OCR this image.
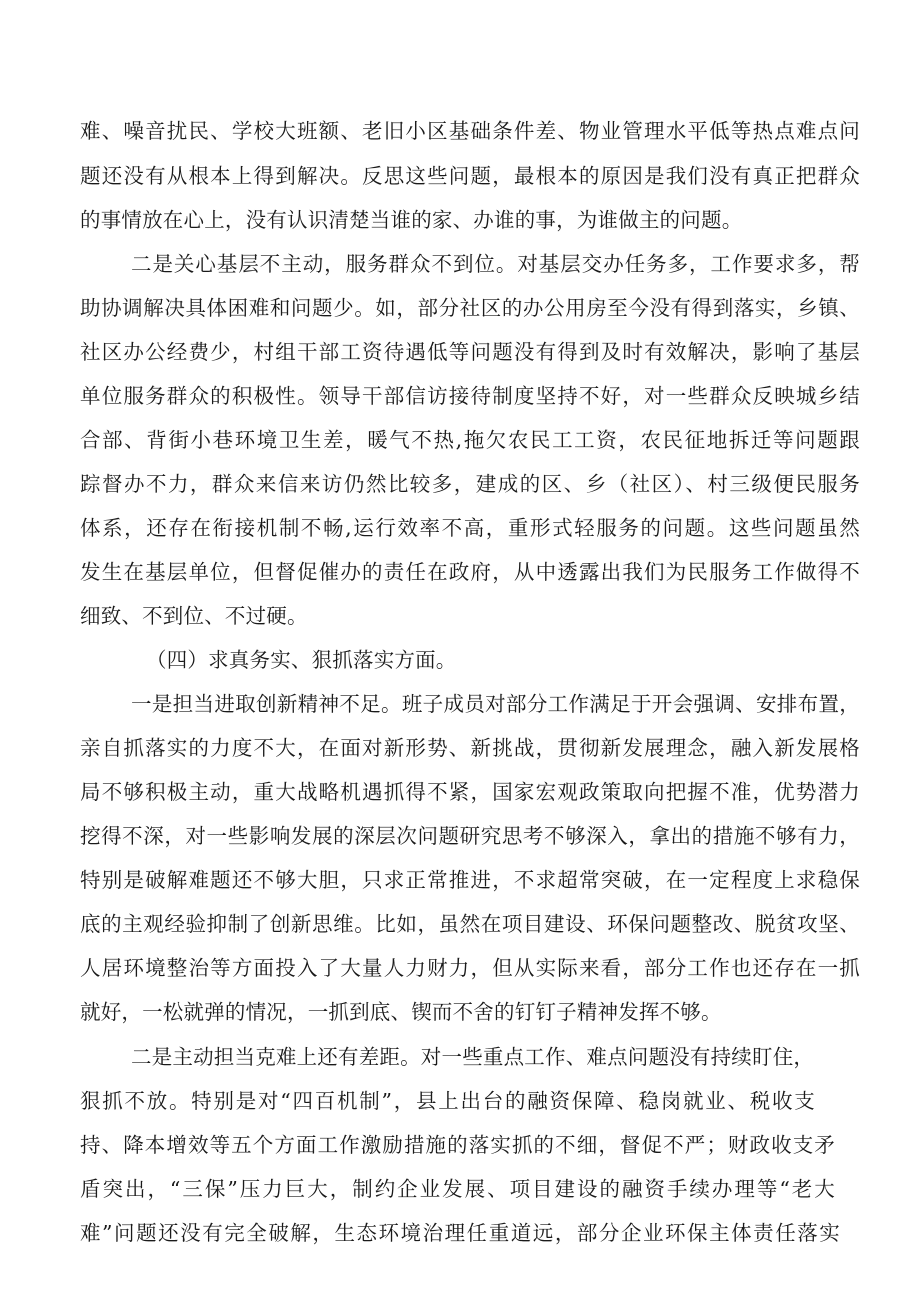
难、噪音扰民、学校大班额、老旧小区基础条件差、物业管理水平低等热点难点问
题还没有从根本上得到解决。反思这些问题，最根本的原因是我们没有真正把群众
的事情放在心上，没有认识清楚当谁的家、办谁的事，为谁做主的问题。
二是关心基层不主动，服务群众不到位。对基层交办任务多，工作要求多，帮
助协调解决具体困难和问题少。如，部分社区的办公用房至今没有得到落实，乡镇、
社区办公经费少，村组干部工资待遇低等问题没有得到及时有效解决，影响了基层
单位服务群众的积极性。领导干部信访接待制度坚持不好，对一些群众反映城乡结
合部、背街小巷环境卫生差，暖气不热,拖欠农民工工资，农民征地拆迁等问题跟
踪督办不力，群众来信来访仍然比较多，建成的区、乡（社区）、村三级便民服务
体系，还存在衔接机制不畅,运行效率不高，重形式轻服务的问题。这些问题虽然
发生在基层单位，但督促催办的责任在政府，从中透露出我们为民服务工作做得不
细致、不到位、不过硬。
（四）求真务实、狠抓落实方面。
一是担当进取创新精神不足。班子成员对部分工作满足于开会强调、安排布置，
亲自抓落实的力度不大，在面对新形势、新挑战，贯彻新发展理念，融入新发展格
局不够积极主动，重大战略机遇抓得不紧，国家宏观政策取向把握不准，优势潜力
挖得不深，对一些影响发展的深层次问题研究思考不够深入，拿出的措施不够有力，
特别是破解难题还不够大胆，只求正常推进，不求超常突破，在一定程度上求稳保
底的主观经验抑制了创新思维。比如，虽然在项目建设、环保问题整改、脱贫攻坚、
人居环境整治等方面投入了大量人力财力，但从实际来看，部分工作也还存在一抓
就好，一松就弹的情况，一抓到底、锲而不舍的钉钉子精神发挥不够。
二是主动担当克难上还有差距。对一些重点工作、难点问题没有持续盯住，
狠抓不放。特别是对“四百机制”，县上出台的融资保障、稳岗就业、税收支
持、降本增效等五个方面工作激励措施的落实抓的不细，督促不严；财政收支矛
盾突出，“三保”压力巨大，制约企业发展、项目建设的融资手续办理等“老大
难”问题还没有完全破解，生态环境治理任重道远，部分企业环保主体责任落实
